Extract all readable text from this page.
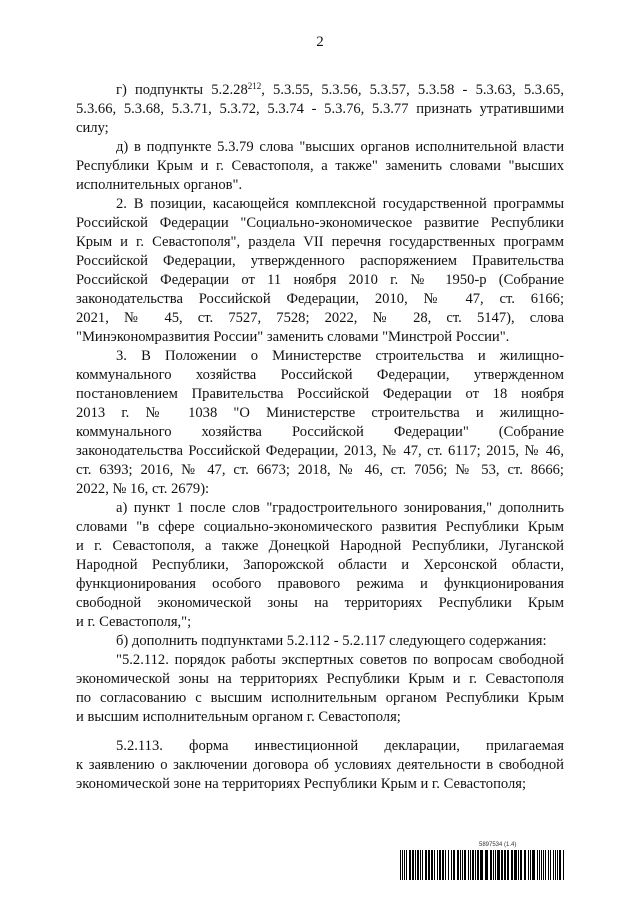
2
г) подпункты 5.2.28$^{212}$, 5.3.55, 5.3.56, 5.3.57, 5.3.58 - 5.3.63, 5.3.65,
5.3.66, 5.3.68, 5.3.71, 5.3.72, 5.3.74 - 5.3.76, 5.3.77 признать утратившими
силу;
д) в подпункте 5.3.79 слова "высших органов исполнительной власти
Республики Крым и г. Севастополя, а также" заменить словами "высших
исполнительных органов".
2. В позиции, касающейся комплексной государственной программы
Российской Федерации "Социально-экономическое развитие Республики
Крым и г. Севастополя", раздела VII перечня государственных программ
Российской Федерации, утвержденного распоряжением Правительства
Российской Федерации от 11 ноября 2010 г. № 1950-р (Собрание
законодательства Российской Федерации, 2010, № 47, ст. 6166;
2021, № 45, ст. 7527, 7528; 2022, № 28, ст. 5147), слова
"Минэкономразвития России" заменить словами "Минстрой России".
3. В Положении о Министерстве строительства и жилищно-
коммунального хозяйства Российской Федерации, утвержденном
постановлением Правительства Российской Федерации от 18 ноября
2013 г. № 1038 "О Министерстве строительства и жилищно-
коммунального хозяйства Российской Федерации" (Собрание
законодательства Российской Федерации, 2013, № 47, ст. 6117; 2015, № 46,
ст. 6393; 2016, № 47, ст. 6673; 2018, № 46, ст. 7056; № 53, ст. 8666;
2022, № 16, ст. 2679):
а) пункт 1 после слов "градостроительного зонирования," дополнить
словами "в сфере социально-экономического развития Республики Крым
и г. Севастополя, а также Донецкой Народной Республики, Луганской
Народной Республики, Запорожской области и Херсонской области,
функционирования особого правового режима и функционирования
свободной экономической зоны на территориях Республики Крым
и г. Севастополя,";
б) дополнить подпунктами 5.2.112 - 5.2.117 следующего содержания:
"5.2.112. порядок работы экспертных советов по вопросам свободной
экономической зоны на территориях Республики Крым и г. Севастополя
по согласованию с высшим исполнительным органом Республики Крым
и высшим исполнительным органом г. Севастополя;
5.2.113. форма инвестиционной декларации, прилагаемая
к заявлению о заключении договора об условиях деятельности в свободной
экономической зоне на территориях Республики Крым и г. Севастополя;
5897534 (1.4)
